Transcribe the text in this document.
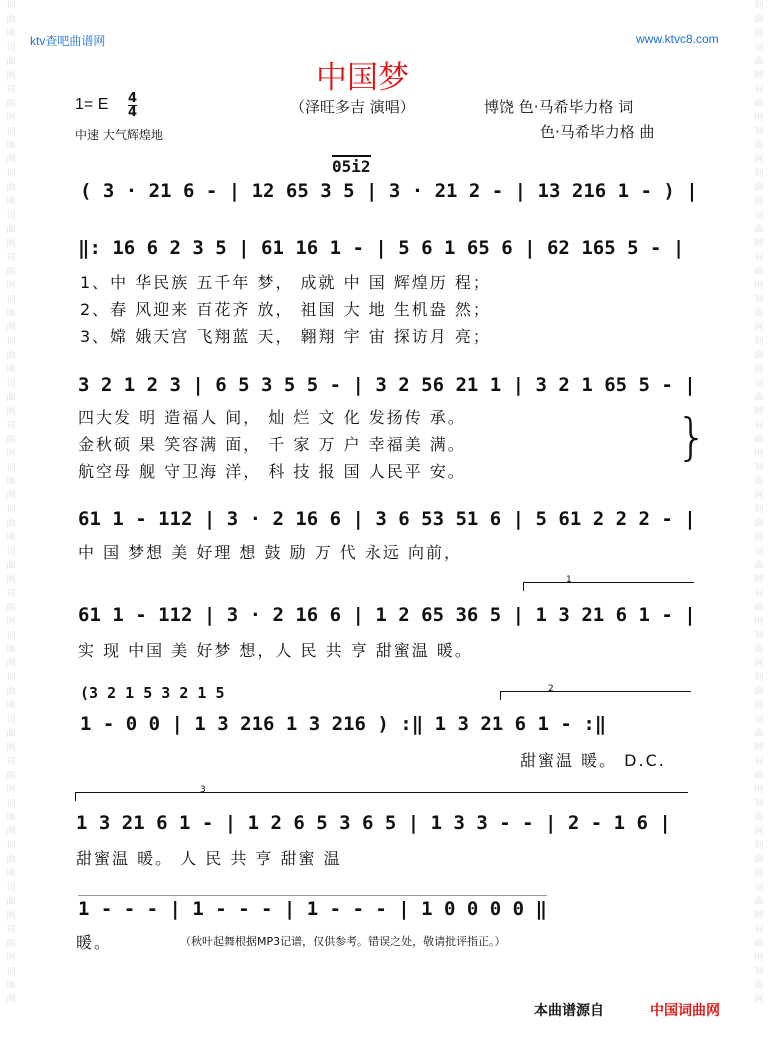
词
曲
网
词
曲
网
词
曲
网
词
曲
网
词
曲
网
词
曲
网
词
曲
网
词
曲
网
词
曲
网
词
曲
网
词
曲
网
词
曲
网
词
曲
网
词
曲
网
词
曲
网
词
曲
网
词
曲
网
词
曲
网
词
曲
网
词
曲
网
词
曲
网
词
曲
网
词
曲
网
词
曲
网
词
曲
网
词
曲
网
词
曲
网
词
曲
网
词
曲
网
词
曲
网
词
曲
网
词
曲
网
词
曲
网
词
曲
网
词
曲
网
词
曲
网
词
曲
网
词
曲
网
词
曲
网
词
曲
网
词
曲
网
词
曲
网
词
曲
网
词
曲
网
词
曲
网
词
曲
网
词
曲
网
词
曲
网
ktv查吧曲谱网	www.ktvc8.com
中国梦
1= E $\frac{4}{4}$
中速 大气辉煌地
（泽旺多吉 演唱）	博饶 色·马希毕力格 词
色·马希毕力格 曲
05i2
( 3 · 21 6 - | 12 65 3 5 | 3 · 21 2 - | 13 216 1 - ) |
‖: 16 6 2 3 5 | 61 16 1 - | 5 6 1 65 6 | 62 165 5 - |
1、中 华民族 五千年 梦， 成就 中 国 辉煌历 程；
2、春 风迎来 百花齐 放， 祖国 大 地 生机盎 然；
3、嫦 娥天宫 飞翔蓝 天， 翱翔 宇 宙 探访月 亮；
3 2 1 2 3 | 6 5 3 5 5 - | 3 2 56 21 1 | 3 2 1 65 5 - |
四大发 明 造福人 间， 灿 烂 文 化 发扬传 承。
金秋硕 果 笑容满 面， 千 家 万 户 幸福美 满。
航空母 舰 守卫海 洋， 科 技 报 国 人民平 安。
}
61 1 - 112 | 3 · 2 16 6 | 3 6 53 51 6 | 5 61 2 2 2 - |
中 国 梦想 美 好理 想 鼓 励 万 代 永远 向前，
1
61 1 - 112 | 3 · 2 16 6 | 1 2 65 36 5 | 1 3 21 6 1 - |
实 现 中国 美 好梦 想，人 民 共 亨 甜蜜温 暖。
(3 2 1 5 3 2 1 5	2
1 - 0 0 | 1 3 216 1 3 216 ) :‖ 1 3 21 6 1 - :‖
甜蜜温 暖。 D.C.
3
1 3 21 6 1 - | 1 2 6 5 3 6 5 | 1 3 3 - - | 2 - 1 6 |
甜蜜温 暖。 人 民 共 亨 甜蜜 温
1 - - - | 1 - - - | 1 - - - | 1 0 0 0 0 ‖
暖。	（秋叶起舞根据MP3记谱，仅供参考。错误之处，敬请批评指正。）
本曲谱源自	中国词曲网
